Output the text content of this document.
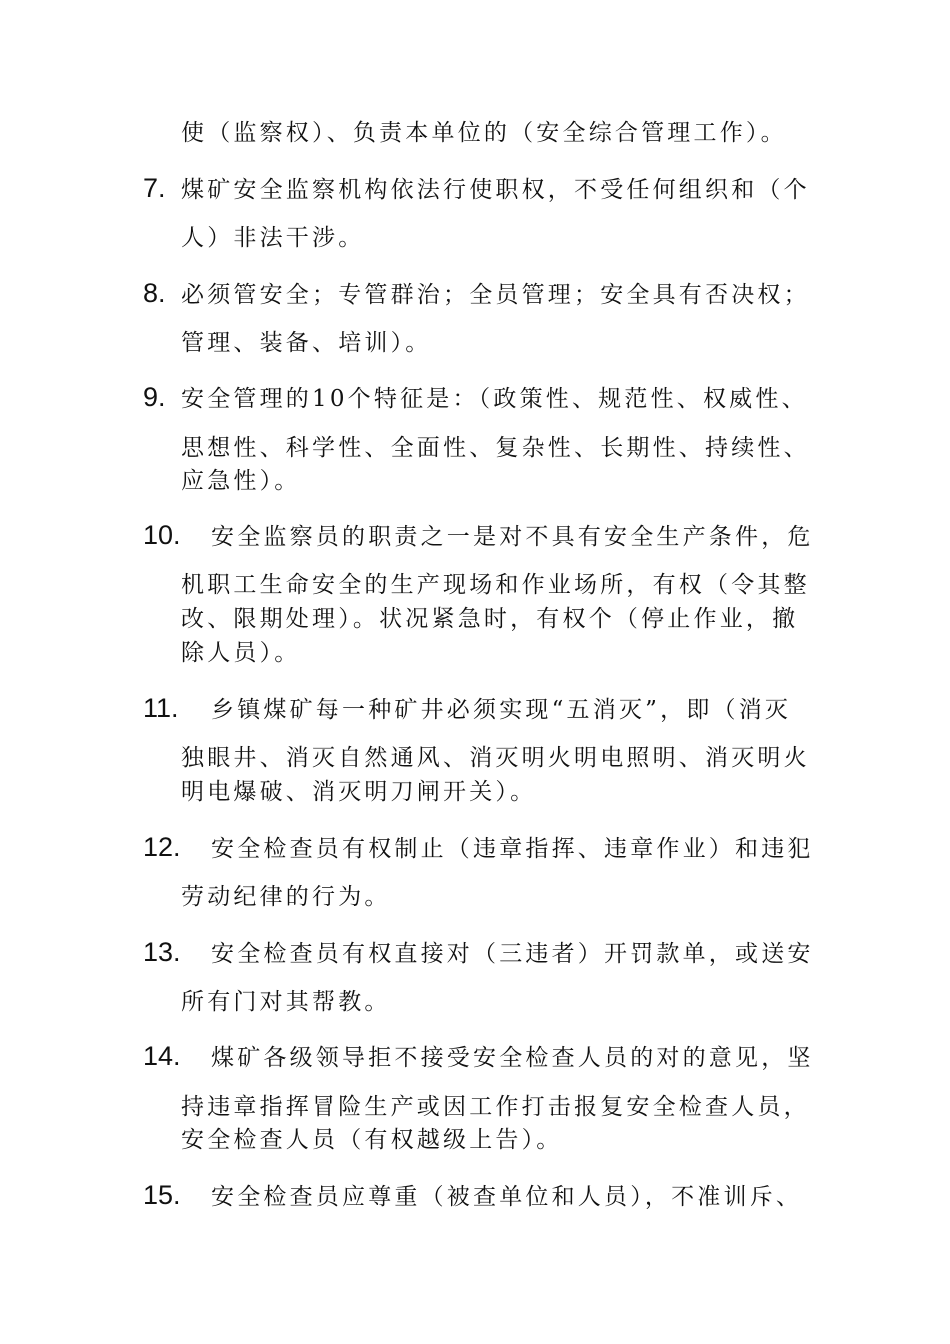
使（监察权）、负责本单位的（安全综合管理工作）。
7. 煤矿安全监察机构依法行使职权，不受任何组织和（个
人）非法干涉。
8. 必须管安全；专管群治；全员管理；安全具有否决权；
管理、装备、培训）。
9. 安全管理的10个特征是：（政策性、规范性、权威性、
思想性、科学性、全面性、复杂性、长期性、持续性、
应急性）。
10. 安全监察员的职责之一是对不具有安全生产条件，危
机职工生命安全的生产现场和作业场所，有权（令其整
改、限期处理）。状况紧急时，有权个（停止作业，撤
除人员）。
11. 乡镇煤矿每一种矿井必须实现“五消灭”，即（消灭
独眼井、消灭自然通风、消灭明火明电照明、消灭明火
明电爆破、消灭明刀闸开关）。
12. 安全检查员有权制止（违章指挥、违章作业）和违犯
劳动纪律的行为。
13. 安全检查员有权直接对（三违者）开罚款单，或送安
所有门对其帮教。
14. 煤矿各级领导拒不接受安全检查人员的对的意见，坚
持违章指挥冒险生产或因工作打击报复安全检查人员，
安全检查人员（有权越级上告）。
15. 安全检查员应尊重（被查单位和人员），不准训斥、
